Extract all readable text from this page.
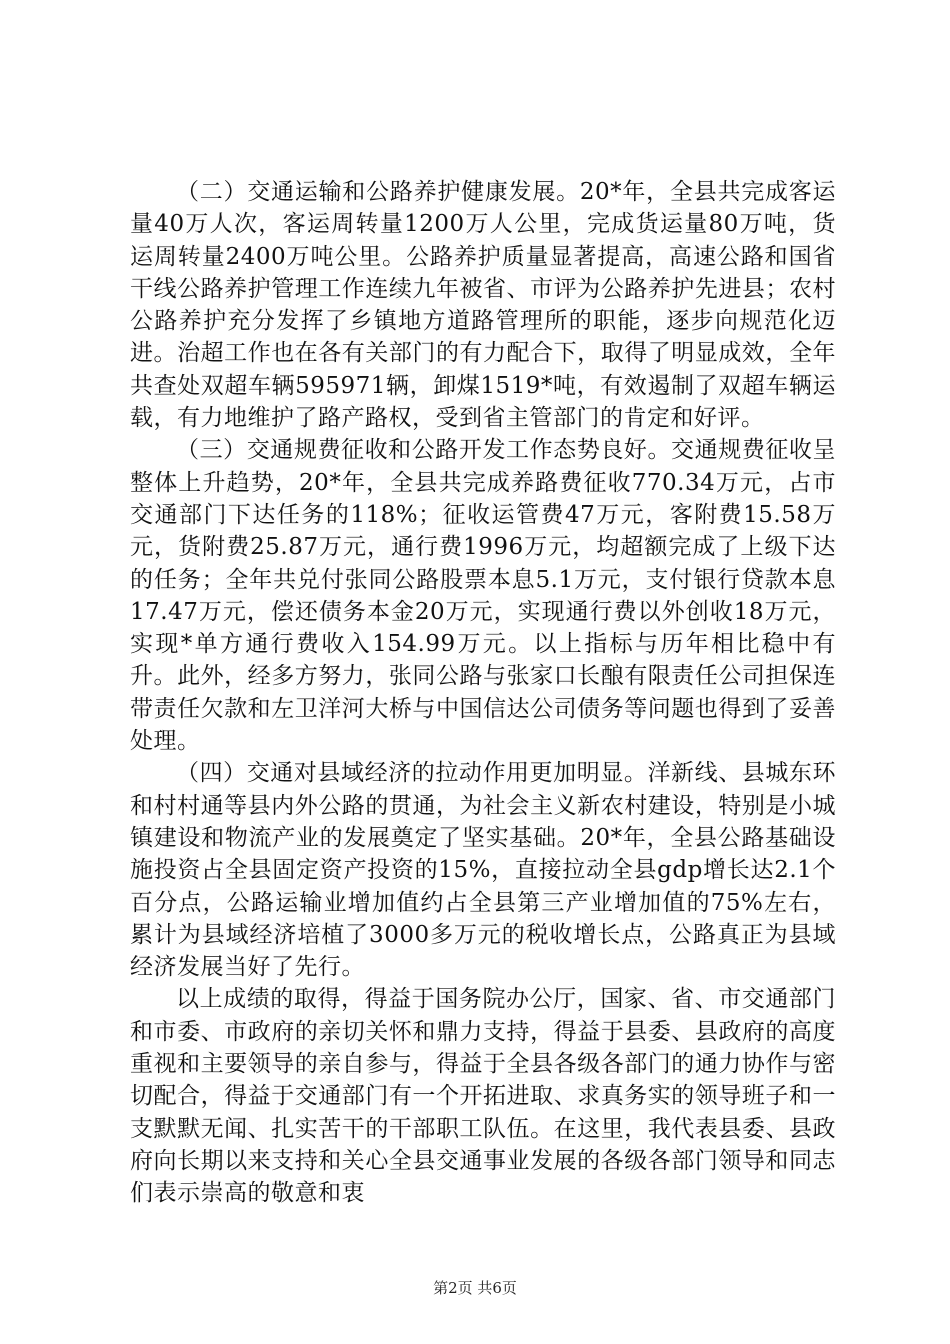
（二）交通运输和公路养护健康发展。20*年，全县共完成客运量40万人次，客运周转量1200万人公里，完成货运量80万吨，货运周转量2400万吨公里。公路养护质量显著提高，高速公路和国省干线公路养护管理工作连续九年被省、市评为公路养护先进县；农村公路养护充分发挥了乡镇地方道路管理所的职能，逐步向规范化迈进。治超工作也在各有关部门的有力配合下，取得了明显成效，全年共查处双超车辆595971辆，卸煤1519*吨，有效遏制了双超车辆运载，有力地维护了路产路权，受到省主管部门的肯定和好评。

（三）交通规费征收和公路开发工作态势良好。交通规费征收呈整体上升趋势，20*年，全县共完成养路费征收770.34万元，占市交通部门下达任务的118%；征收运管费47万元，客附费15.58万元，货附费25.87万元，通行费1996万元，均超额完成了上级下达的任务；全年共兑付张同公路股票本息5.1万元，支付银行贷款本息17.47万元，偿还债务本金20万元，实现通行费以外创收18万元，实现*单方通行费收入154.99万元。以上指标与历年相比稳中有升。此外，经多方努力，张同公路与张家口长酿有限责任公司担保连带责任欠款和左卫洋河大桥与中国信达公司债务等问题也得到了妥善处理。

（四）交通对县域经济的拉动作用更加明显。洋新线、县城东环和村村通等县内外公路的贯通，为社会主义新农村建设，特别是小城镇建设和物流产业的发展奠定了坚实基础。20*年，全县公路基础设施投资占全县固定资产投资的15%，直接拉动全县gdp增长达2.1个百分点，公路运输业增加值约占全县第三产业增加值的75%左右，累计为县域经济培植了3000多万元的税收增长点，公路真正为县域经济发展当好了先行。

以上成绩的取得，得益于国务院办公厅，国家、省、市交通部门和市委、市政府的亲切关怀和鼎力支持，得益于县委、县政府的高度重视和主要领导的亲自参与，得益于全县各级各部门的通力协作与密切配合，得益于交通部门有一个开拓进取、求真务实的领导班子和一支默默无闻、扎实苦干的干部职工队伍。在这里，我代表县委、县政府向长期以来支持和关心全县交通事业发展的各级各部门领导和同志们表示崇高的敬意和衷

第2页 共6页
